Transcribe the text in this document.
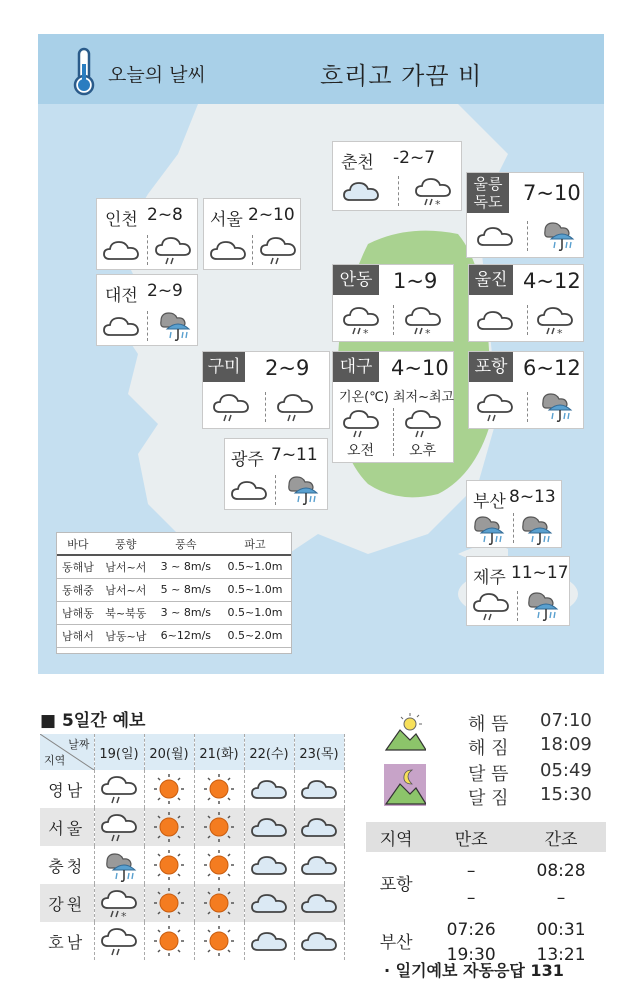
오늘의 날씨	흐리고 가끔 비
춘천 -2~7
인천 2~8 서울 2~10
울릉
독도 7~10
대전 2~9
안동 1~9	울진 4~12
구미 2~9	대구 4~10
기온(℃) 최저~최고
오전 오후
포항 6~12
광주 7~11
부산 8~13
제주 11~17
바다	풍향	풍속	파고
동해남	남서~서	3 ~ 8m/s	0.5~1.0m
동해중	남서~서	5 ~ 8m/s	0.5~1.0m
남해동	북~북동	3 ~ 8m/s	0.5~1.0m
남해서	남동~남	6~12m/s	0.5~2.0m
■ 5일간 예보
날짜
지역	19(일)	20(월)	21(화)	22(수)	23(목)
영남	

서울	

충청	

강원	

호남	

해 뜸 07:10
해 짐 18:09
달 뜸 05:49
달 짐 15:30
지역	만조	간조
포항	–	08:28
	–	–
부산	07:26	00:31
	19:30	13:21
· 일기예보 자동응답 131
